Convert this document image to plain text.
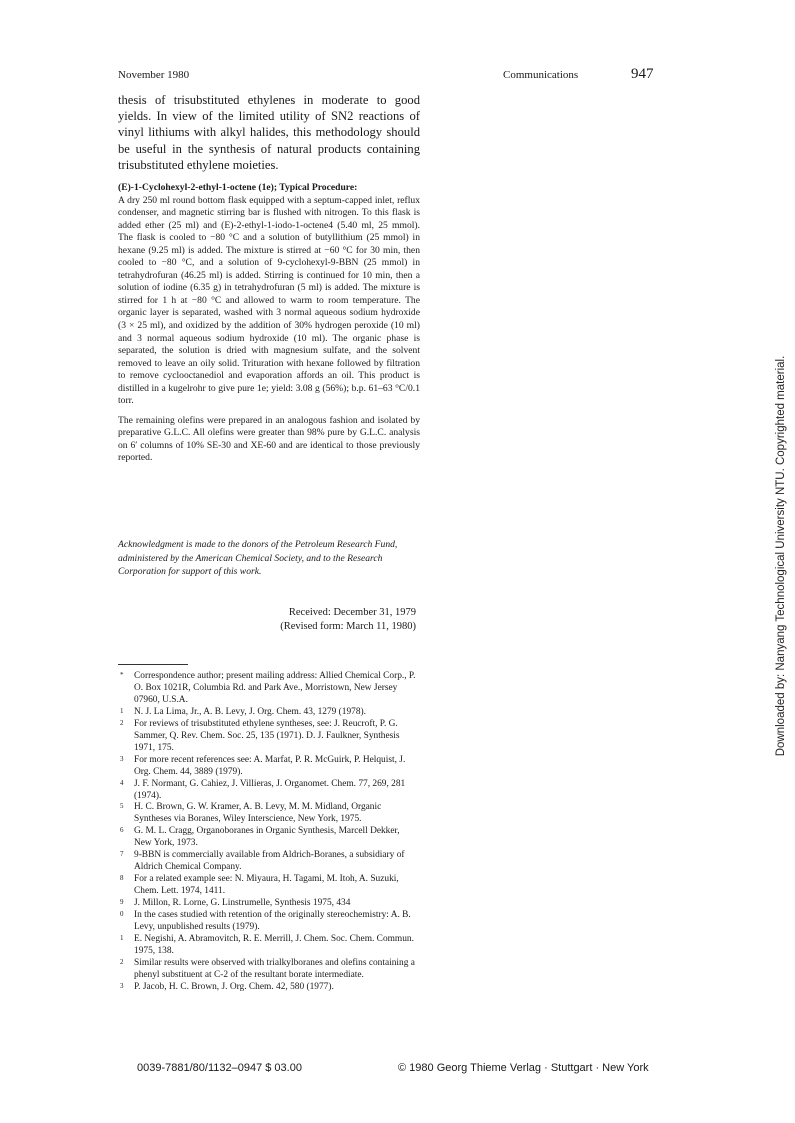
November 1980	Communications	947
thesis of trisubstituted ethylenes in moderate to good yields. In view of the limited utility of SN2 reactions of vinyl lithiums with alkyl halides, this methodology should be useful in the synthesis of natural products containing trisubstituted ethylene moieties.

(E)-1-Cyclohexyl-2-ethyl-1-octene (1e); Typical Procedure:

A dry 250 ml round bottom flask equipped with a septum-capped inlet, reflux condenser, and magnetic stirring bar is flushed with nitrogen. To this flask is added ether (25 ml) and (E)-2-ethyl-1-iodo-1-octene4 (5.40 ml, 25 mmol). The flask is cooled to −80 °C and a solution of butyllithium (25 mmol) in hexane (9.25 ml) is added. The mixture is stirred at −60 °C for 30 min, then cooled to −80 °C, and a solution of 9-cyclohexyl-9-BBN (25 mmol) in tetrahydrofuran (46.25 ml) is added. Stirring is continued for 10 min, then a solution of iodine (6.35 g) in tetrahydrofuran (5 ml) is added. The mixture is stirred for 1 h at −80 °C and allowed to warm to room temperature. The organic layer is separated, washed with 3 normal aqueous sodium hydroxide (3 × 25 ml), and oxidized by the addition of 30% hydrogen peroxide (10 ml) and 3 normal aqueous sodium hydroxide (10 ml). The organic phase is separated, the solution is dried with magnesium sulfate, and the solvent removed to leave an oily solid. Trituration with hexane followed by filtration to remove cyclooctanediol and evaporation affords an oil. This product is distilled in a kugelrohr to give pure 1e; yield: 3.08 g (56%); b.p. 61–63 °C/0.1 torr.

The remaining olefins were prepared in an analogous fashion and isolated by preparative G.L.C. All olefins were greater than 98% pure by G.L.C. analysis on 6′ columns of 10% SE-30 and XE-60 and are identical to those previously reported.

Acknowledgment is made to the donors of the Petroleum Research Fund, administered by the American Chemical Society, and to the Research Corporation for support of this work.
Received: December 31, 1979
(Revised form: March 11, 1980)
* Correspondence author; present mailing address: Allied Chemical Corp., P. O. Box 1021R, Columbia Rd. and Park Ave., Morristown, New Jersey 07960, U.S.A.
1 N. J. La Lima, Jr., A. B. Levy, J. Org. Chem. 43, 1279 (1978).
2 For reviews of trisubstituted ethylene syntheses, see: J. Reucroft, P. G. Sammer, Q. Rev. Chem. Soc. 25, 135 (1971). D. J. Faulkner, Synthesis 1971, 175.
3 For more recent references see: A. Marfat, P. R. McGuirk, P. Helquist, J. Org. Chem. 44, 3889 (1979).
4 J. F. Normant, G. Cahiez, J. Villieras, J. Organomet. Chem. 77, 269, 281 (1974).
5 H. C. Brown, G. W. Kramer, A. B. Levy, M. M. Midland, Organic Syntheses via Boranes, Wiley Interscience, New York, 1975.
6 G. M. L. Cragg, Organoboranes in Organic Synthesis, Marcell Dekker, New York, 1973.
7 9-BBN is commercially available from Aldrich-Boranes, a subsidiary of Aldrich Chemical Company.
8 For a related example see: N. Miyaura, H. Tagami, M. Itoh, A. Suzuki, Chem. Lett. 1974, 1411.
9 J. Millon, R. Lorne, G. Linstrumelle, Synthesis 1975, 434
0 In the cases studied with retention of the originally stereochemistry: A. B. Levy, unpublished results (1979).
1 E. Negishi, A. Abramovitch, R. E. Merrill, J. Chem. Soc. Chem. Commun. 1975, 138.
2 Similar results were observed with trialkylboranes and olefins containing a phenyl substituent at C-2 of the resultant borate intermediate.
3 P. Jacob, H. C. Brown, J. Org. Chem. 42, 580 (1977).
0039-7881/80/1132–0947 $ 03.00	© 1980 Georg Thieme Verlag · Stuttgart · New York
Downloaded by: Nanyang Technological University NTU. Copyrighted material.
